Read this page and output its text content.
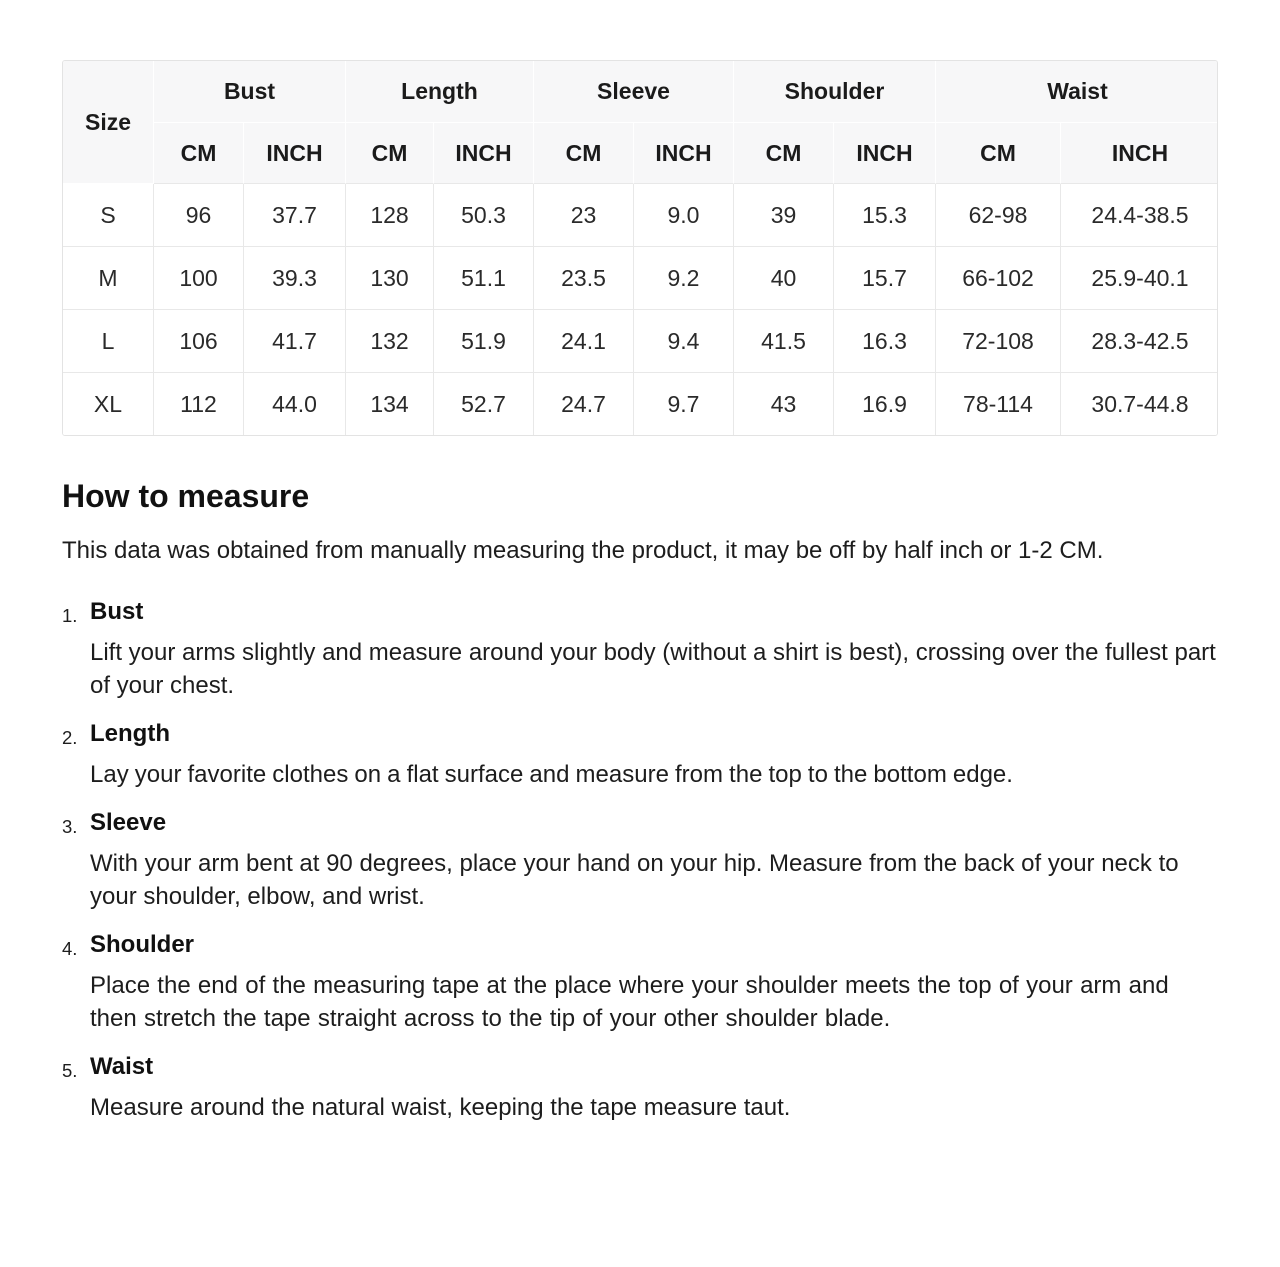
Size	Bust		Length		Sleeve		Shoulder		Waist	
	CM	INCH	CM	INCH	CM	INCH	CM	INCH	CM	INCH
S	96	37.7	128	50.3	23	9.0	39	15.3	62-98	24.4-38.5
M	100	39.3	130	51.1	23.5	9.2	40	15.7	66-102	25.9-40.1
L	106	41.7	132	51.9	24.1	9.4	41.5	16.3	72-108	28.3-42.5
XL	112	44.0	134	52.7	24.7	9.7	43	16.9	78-114	30.7-44.8
How to measure

This data was obtained from manually measuring the product, it may be off by half inch or 1-2 CM.

1. Bust

Lift your arms slightly and measure around your body (without a shirt is best), crossing over the fullest part of your chest.

2. Length

Lay your favorite clothes on a flat surface and measure from the top to the bottom edge.

3. Sleeve

With your arm bent at 90 degrees, place your hand on your hip. Measure from the back of your neck to your shoulder, elbow, and wrist.

4. Shoulder

Place the end of the measuring tape at the place where your shoulder meets the top of your arm and then stretch the tape straight across to the tip of your other shoulder blade.

5. Waist

Measure around the natural waist, keeping the tape measure taut.
